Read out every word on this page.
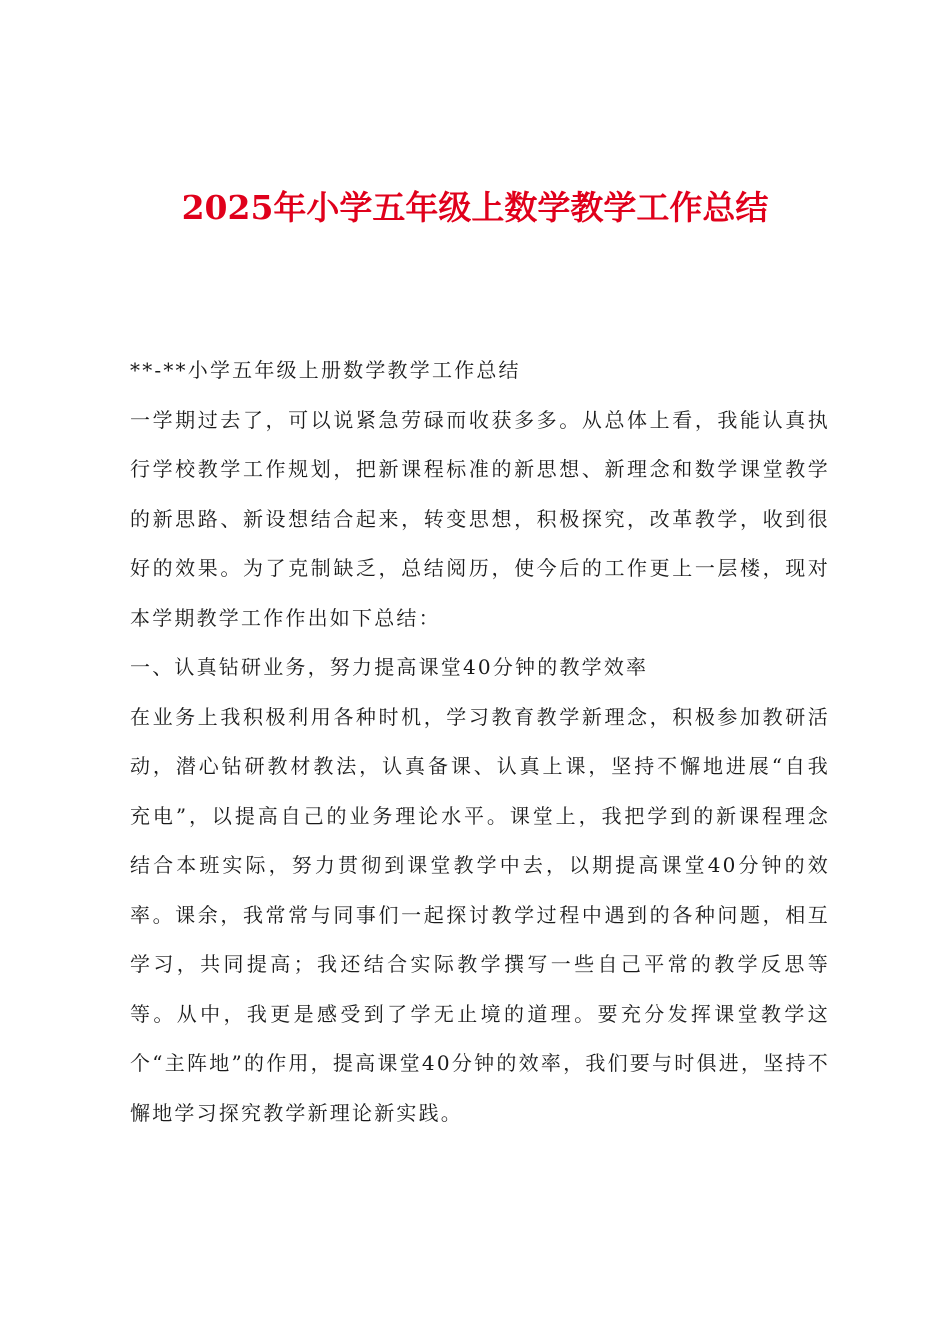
2025年小学五年级上数学教学工作总结

**-**小学五年级上册数学教学工作总结

一学期过去了，可以说紧急劳碌而收获多多。从总体上看，我能认真执行学校教学工作规划，把新课程标准的新思想、新理念和数学课堂教学的新思路、新设想结合起来，转变思想，积极探究，改革教学，收到很好的效果。为了克制缺乏，总结阅历，使今后的工作更上一层楼，现对本学期教学工作作出如下总结：

一、认真钻研业务，努力提高课堂40分钟的教学效率

在业务上我积极利用各种时机，学习教育教学新理念，积极参加教研活动，潜心钻研教材教法，认真备课、认真上课，坚持不懈地进展“自我充电”，以提高自己的业务理论水平。课堂上，我把学到的新课程理念结合本班实际，努力贯彻到课堂教学中去，以期提高课堂40分钟的效率。课余，我常常与同事们一起探讨教学过程中遇到的各种问题，相互学习，共同提高；我还结合实际教学撰写一些自己平常的教学反思等等。从中，我更是感受到了学无止境的道理。要充分发挥课堂教学这个“主阵地”的作用，提高课堂40分钟的效率，我们要与时俱进，坚持不懈地学习探究教学新理论新实践。
